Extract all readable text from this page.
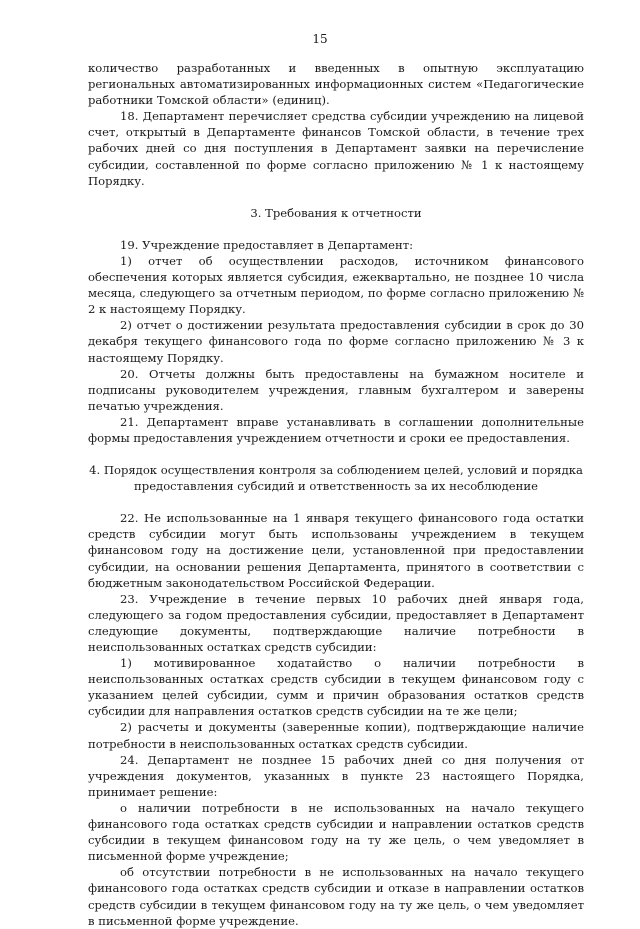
15

количество разработанных и введенных в опытную эксплуатацию региональных автоматизированных информационных систем «Педагогические работники Томской области» (единиц).

18. Департамент перечисляет средства субсидии учреждению на лицевой счет, открытый в Департаменте финансов Томской области, в течение трех рабочих дней со дня поступления в Департамент заявки на перечисление субсидии, составленной по форме согласно приложению № 1 к настоящему Порядку.

3. Требования к отчетности

19. Учреждение предоставляет в Департамент:

1) отчет об осуществлении расходов, источником финансового обеспечения которых является субсидия, ежеквартально, не позднее 10 числа месяца, следующего за отчетным периодом, по форме согласно приложению № 2 к настоящему Порядку.

2) отчет о достижении результата предоставления субсидии в срок до 30 декабря текущего финансового года по форме согласно приложению № 3 к настоящему Порядку.

20. Отчеты должны быть предоставлены на бумажном носителе и подписаны руководителем учреждения, главным бухгалтером и заверены печатью учреждения.

21. Департамент вправе устанавливать в соглашении дополнительные формы предоставления учреждением отчетности и сроки ее предоставления.

4. Порядок осуществления контроля за соблюдением целей, условий и порядка предоставления субсидий и ответственность за их несоблюдение

22. Не использованные на 1 января текущего финансового года остатки средств субсидии могут быть использованы учреждением в текущем финансовом году на достижение цели, установленной при предоставлении субсидии, на основании решения Департамента, принятого в соответствии с бюджетным законодательством Российской Федерации.

23. Учреждение в течение первых 10 рабочих дней января года, следующего за годом предоставления субсидии, предоставляет в Департамент следующие документы, подтверждающие наличие потребности в неиспользованных остатках средств субсидии:

1) мотивированное ходатайство о наличии потребности в неиспользованных остатках средств субсидии в текущем финансовом году с указанием целей субсидии, сумм и причин образования остатков средств субсидии для направления остатков средств субсидии на те же цели;

2) расчеты и документы (заверенные копии), подтверждающие наличие потребности в неиспользованных остатках средств субсидии.

24. Департамент не позднее 15 рабочих дней со дня получения от учреждения документов, указанных в пункте 23 настоящего Порядка, принимает решение:

о наличии потребности в не использованных на начало текущего финансового года остатках средств субсидии и направлении остатков средств субсидии в текущем финансовом году на ту же цель, о чем уведомляет в письменной форме учреждение;

об отсутствии потребности в не использованных на начало текущего финансового года остатках средств субсидии и отказе в направлении остатков средств субсидии в текущем финансовом году на ту же цель, о чем уведомляет в письменной форме учреждение.
